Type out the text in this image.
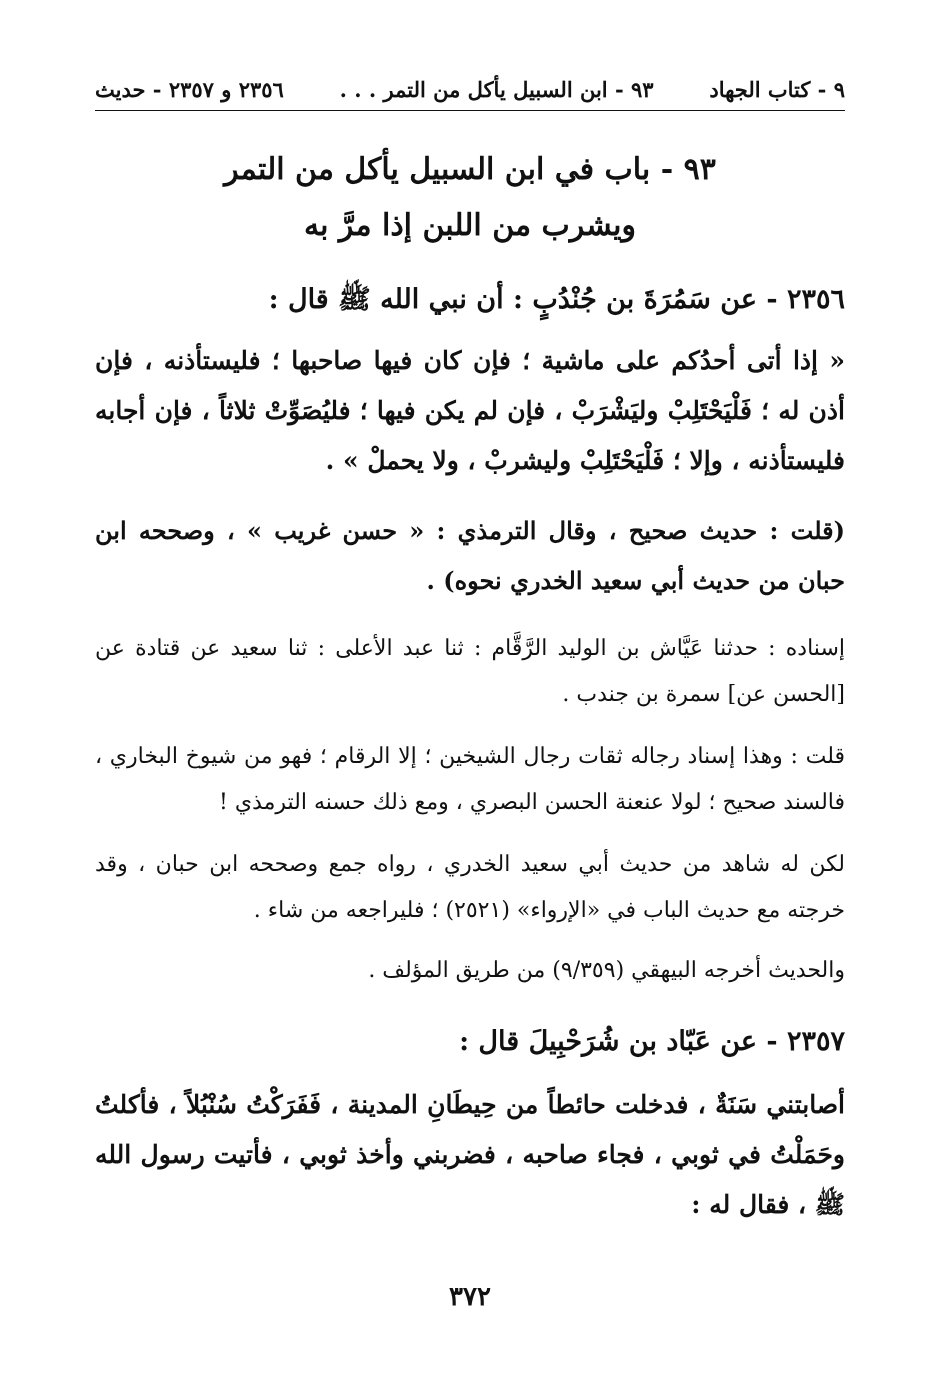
٩ - كتاب الجهاد
٩٣ - ابن السبيل يأكل من التمر . . .
٢٣٥٦ و ٢٣٥٧ - حديث
٩٣ - باب في ابن السبيل يأكل من التمر
ويشرب من اللبن إذا مرَّ به
٢٣٥٦ - عن سَمُرَةَ بن جُنْدُبٍ : أن نبي الله ﷺ قال :
« إذا أتى أحدُكم على ماشية ؛ فإن كان فيها صاحبها ؛ فليستأذنه ، فإن أذن له ؛ فَلْيَحْتَلِبْ وليَشْرَبْ ، فإن لم يكن فيها ؛ فليُصَوِّتْ ثلاثاً ، فإن أجابه فليستأذنه ، وإلا ؛ فَلْيَحْتَلِبْ وليشربْ ، ولا يحملْ » .
(قلت : حديث صحيح ، وقال الترمذي : « حسن غريب » ، وصححه ابن حبان من حديث أبي سعيد الخدري نحوه) .
إسناده : حدثنا عَيَّاش بن الوليد الرَّقَّام : ثنا عبد الأعلى : ثنا سعيد عن قتادة عن [الحسن عن] سمرة بن جندب .
قلت : وهذا إسناد رجاله ثقات رجال الشيخين ؛ إلا الرقام ؛ فهو من شيوخ البخاري ، فالسند صحيح ؛ لولا عنعنة الحسن البصري ، ومع ذلك حسنه الترمذي !
لكن له شاهد من حديث أبي سعيد الخدري ، رواه جمع وصححه ابن حبان ، وقد خرجته مع حديث الباب في «الإرواء» (٢٥٢١) ؛ فليراجعه من شاء .
والحديث أخرجه البيهقي (٩/٣٥٩) من طريق المؤلف .
٢٣٥٧ - عن عَبّاد بن شُرَحْبِيلَ قال :
أصابتني سَنَةٌ ، فدخلت حائطاً من حِيطَانِ المدينة ، فَفَرَكْتُ سُنْبُلاً ، فأكلتُ وحَمَلْتُ في ثوبي ، فجاء صاحبه ، فضربني وأخذ ثوبي ، فأتيت رسول الله ﷺ ، فقال له :
٣٧٢
